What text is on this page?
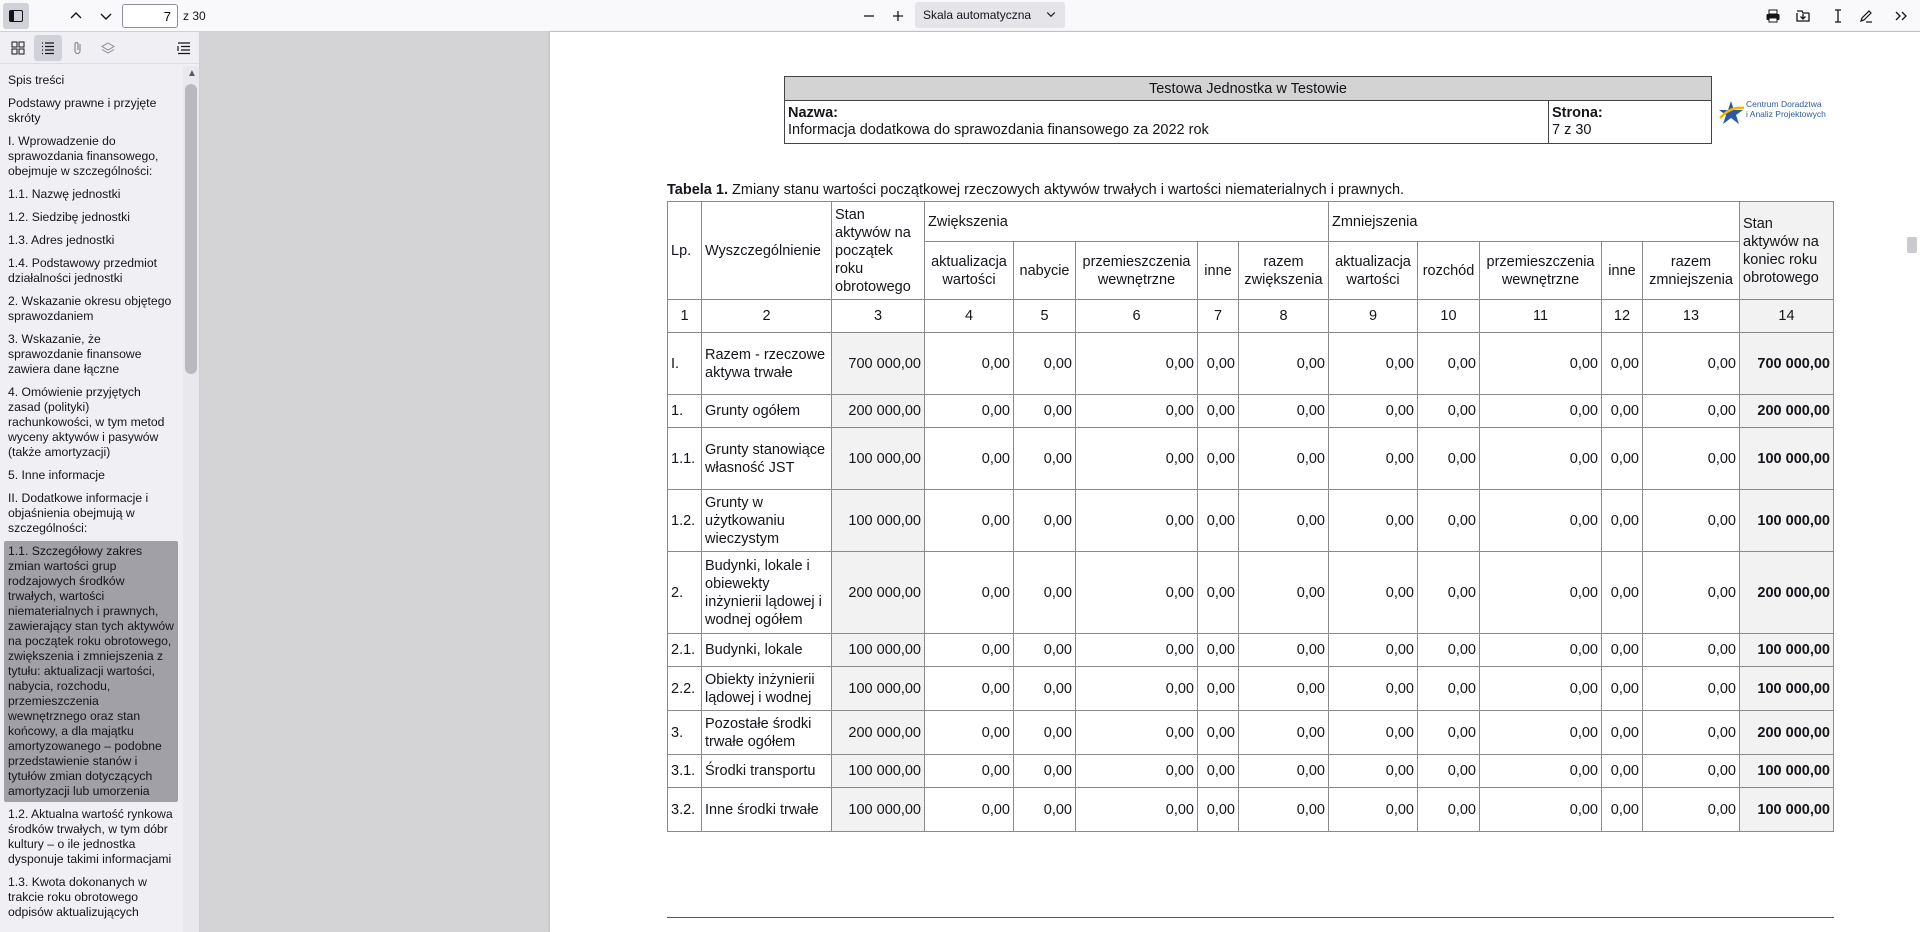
7
z 30	Skala automatyczna
Spis treści
Podstawy prawne i przyjęte skróty
I. Wprowadzenie do sprawozdania finansowego, obejmuje w szczególności:
1.1. Nazwę jednostki
1.2. Siedzibę jednostki
1.3. Adres jednostki
1.4. Podstawowy przedmiot działalności jednostki
2. Wskazanie okresu objętego sprawozdaniem
3. Wskazanie, że sprawozdanie finansowe zawiera dane łączne
4. Omówienie przyjętych zasad (polityki) rachunkowości, w tym metod wyceny aktywów i pasywów (także amortyzacji)
5. Inne informacje
II. Dodatkowe informacje i objaśnienia obejmują w szczególności:
1.1. Szczegółowy zakres zmian wartości grup rodzajowych środków trwałych, wartości niematerialnych i prawnych, zawierający stan tych aktywów na początek roku obrotowego, zwiększenia i zmniejszenia z tytułu: aktualizacji wartości, nabycia, rozchodu, przemieszczenia wewnętrznego oraz stan końcowy, a dla majątku amortyzowanego – podobne przedstawienie stanów i tytułów zmian dotyczących amortyzacji lub umorzenia
1.2. Aktualna wartość rynkowa środków trwałych, w tym dóbr kultury – o ile jednostka dysponuje takimi informacjami
1.3. Kwota dokonanych w trakcie roku obrotowego odpisów aktualizujących
▲
Testowa Jednostka w Testowie
Nazwa:
Informacja dodatkowa do sprawozdania finansowego za 2022 rok
Strona:
7 z 30
Centrum Doradztwa
i Analiz Projektowych
Tabela 1. Zmiany stanu wartości początkowej rzeczowych aktywów trwałych i wartości niematerialnych i prawnych.
Lp.	Wyszczególnienie	Stan aktywów na początek roku obrotowego	Zwiększenia					Zmniejszenia					Stan aktywów na koniec roku obrotowego
			aktualizacja wartości	nabycie	przemieszczenia wewnętrzne	inne	razem zwiększenia	aktualizacja wartości	rozchód	przemieszczenia wewnętrzne	inne	razem zmniejszenia	
1	2	3	4	5	6	7	8	9	10	11	12	13	14
I.	Razem - rzeczowe aktywa trwałe	700 000,00	0,00	0,00	0,00	0,00	0,00	0,00	0,00	0,00	0,00	0,00	700 000,00
1.	Grunty ogółem	200 000,00	0,00	0,00	0,00	0,00	0,00	0,00	0,00	0,00	0,00	0,00	200 000,00
1.1.	Grunty stanowiące własność JST	100 000,00	0,00	0,00	0,00	0,00	0,00	0,00	0,00	0,00	0,00	0,00	100 000,00
1.2.	Grunty w użytkowaniu wieczystym	100 000,00	0,00	0,00	0,00	0,00	0,00	0,00	0,00	0,00	0,00	0,00	100 000,00
2.	Budynki, lokale i obiewekty inżynierii lądowej i wodnej ogółem	200 000,00	0,00	0,00	0,00	0,00	0,00	0,00	0,00	0,00	0,00	0,00	200 000,00
2.1.	Budynki, lokale	100 000,00	0,00	0,00	0,00	0,00	0,00	0,00	0,00	0,00	0,00	0,00	100 000,00
2.2.	Obiekty inżynierii lądowej i wodnej	100 000,00	0,00	0,00	0,00	0,00	0,00	0,00	0,00	0,00	0,00	0,00	100 000,00
3.	Pozostałe środki trwałe ogółem	200 000,00	0,00	0,00	0,00	0,00	0,00	0,00	0,00	0,00	0,00	0,00	200 000,00
3.1.	Środki transportu	100 000,00	0,00	0,00	0,00	0,00	0,00	0,00	0,00	0,00	0,00	0,00	100 000,00
3.2.	Inne środki trwałe	100 000,00	0,00	0,00	0,00	0,00	0,00	0,00	0,00	0,00	0,00	0,00	100 000,00
